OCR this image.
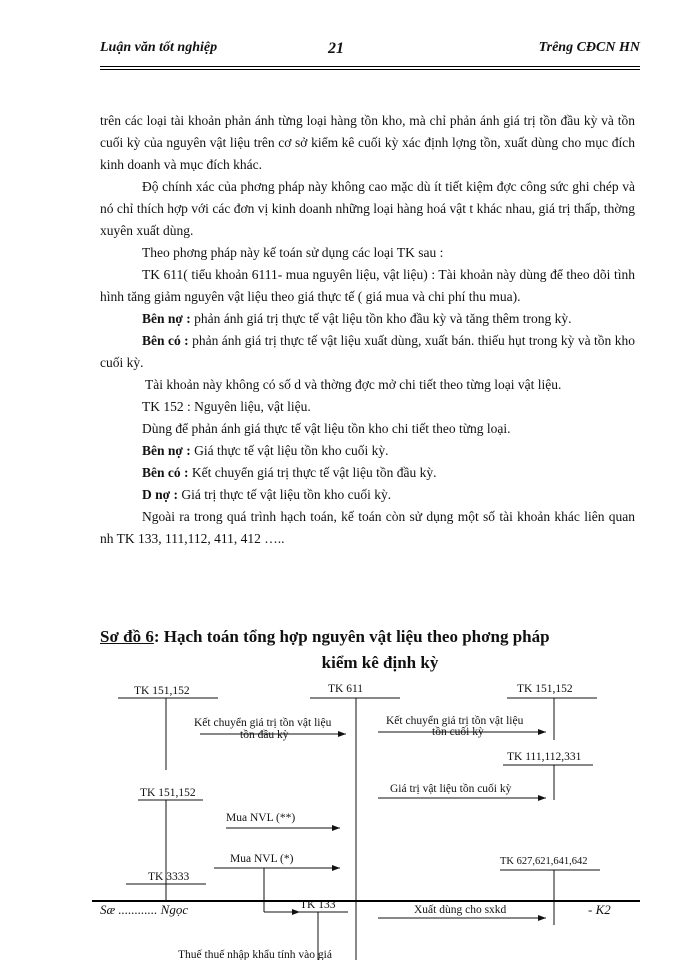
Luận văn tốt nghiệp	21	Trêng CĐCN HN

trên các loại tài khoản phản ánh từng loại hàng tồn kho, mà chỉ phản ánh giá trị tồn đầu kỳ và tồn cuối kỳ của nguyên vật liệu trên cơ sở kiểm kê cuối kỳ xác định lợng tồn, xuất dùng cho mục đích kinh doanh và mục đích khác.

Độ chính xác của phơng pháp này không cao mặc dù ít tiết kiệm đợc công sức ghi chép và nó chỉ thích hợp với các đơn vị kinh doanh những loại hàng hoá vật t khác nhau, giá trị thấp, thờng xuyên xuất dùng.

Theo phơng pháp này kế toán sử dụng các loại TK sau :

TK 611( tiểu khoản 6111- mua nguyên liệu, vật liệu) : Tài khoản này dùng để theo dõi tình hình tăng giảm nguyên vật liệu theo giá thực tế ( giá mua và chi phí thu mua).

Bên nợ : phản ánh giá trị thực tế vật liệu tồn kho đầu kỳ và tăng thêm trong kỳ.

Bên có : phản ánh giá trị thực tế vật liệu xuất dùng, xuất bán. thiếu hụt trong kỳ và tồn kho cuối kỳ.

Tài khoản này không có số d và thờng đợc mở chi tiết theo từng loại vật liệu.

TK 152 : Nguyên liệu, vật liệu.

Dùng để phản ánh giá thực tế vật liệu tồn kho chi tiết theo từng loại.

Bên nợ : Giá thực tế vật liệu tồn kho cuối kỳ.

Bên có : Kết chuyển giá trị thực tế vật liệu tồn đầu kỳ.

D nợ : Giá trị thực tế vật liệu tồn kho cuối kỳ.

Ngoài ra trong quá trình hạch toán, kế toán còn sử dụng một số tài khoản khác liên quan nh TK 133, 111,112, 411, 412 …..

Sơ đồ 6: Hạch toán tổng hợp nguyên vật liệu theo phơng pháp
kiểm kê định kỳ
TK 151,152	TK 611	TK 151,152
TK 111,112,331
TK 151,152
TK 627,621,641,642
TK 3333
TK 133
Kết chuyển giá trị tồn vật liệu
tồn đầu kỳ
Kết chuyển giá trị tồn vật liệu
tồn cuối kỳ
Giá trị vật liệu tồn cuối kỳ
Mua NVL (**)
Mua NVL (*)
Xuất dùng cho sxkd
Thuế thuế nhập khẩu tính vào giá
Sæ ............ Ngọc	- K2
